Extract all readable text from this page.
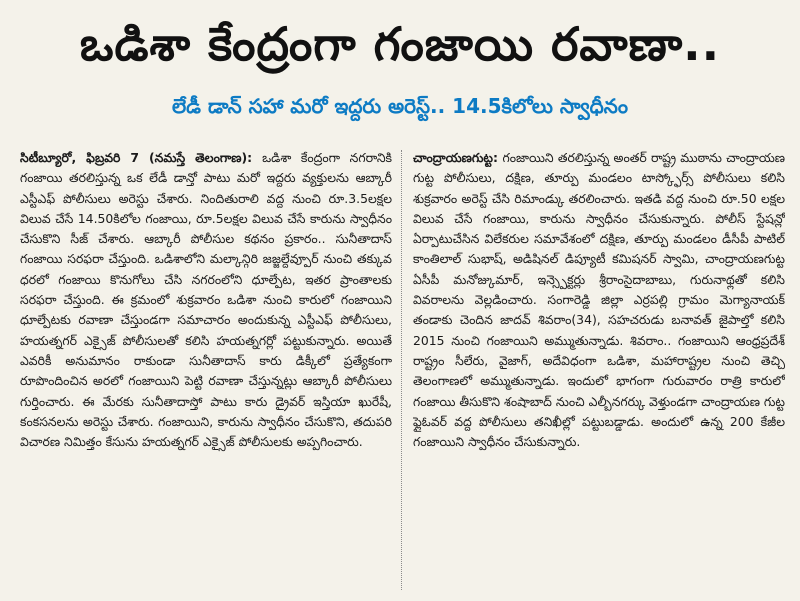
ఒడిశా కేంద్రంగా గంజాయి రవాణా..
లేడీ డాన్ సహా మరో ఇద్దరు అరెస్ట్.. 14.5కిలోలు స్వాధీనం

సిటీబ్యూరో, ఫిబ్రవరి 7 (నమస్తే తెలంగాణ): ఒడిశా కేంద్రంగా నగరానికి గంజాయి తరలిస్తున్న ఒక లేడీ డాన్తో పాటు మరో ఇద్దరు వ్యక్తులను ఆబ్కారీ ఎస్టీఎఫ్ పోలీసులు అరెస్టు చేశారు. నిందితురాలి వద్ద నుంచి రూ.3.5లక్షల విలువ చేసే 14.50కిలోల గంజాయి, రూ.5లక్షల విలువ చేసే కారును స్వాధీనం చేసుకొని సీజ్ చేశారు. ఆబ్కారీ పోలీసుల కథనం ప్రకారం.. సునీతాదాస్ గంజాయి సరఫరా చేస్తుంది. ఒడిశాలోని మల్కాన్గిరి జజ్జల్దేవ్పూర్ నుంచి తక్కువ ధరలో గంజాయి కొనుగోలు చేసి నగరంలోని ధూల్పేట, ఇతర ప్రాంతాలకు సరఫరా చేస్తుంది. ఈ క్రమంలో శుక్రవారం ఒడిశా నుంచి కారులో గంజాయిని ధూల్పేటకు రవాణా చేస్తుండగా సమాచారం అందుకున్న ఎస్టీఎఫ్ పోలీసులు, హయత్నగర్ ఎక్సైజ్ పోలీసులతో కలిసి హయత్నగర్లో పట్టుకున్నారు. అయితే ఎవరికీ అనుమానం రాకుండా సునీతాదాస్ కారు డిక్కీలో ప్రత్యేకంగా రూపొందించిన అరలో గంజాయిని పెట్టి రవాణా చేస్తున్నట్లు ఆబ్కారీ పోలీసులు గుర్తించారు. ఈ మేరకు సునీతాదాస్తో పాటు కారు డ్రైవర్ ఇస్తియా ఖురేషీ, కంకసనలను అరెస్టు చేశారు. గంజాయిని, కారును స్వాధీనం చేసుకొని, తదుపరి విచారణ నిమిత్తం కేసును హయత్నగర్ ఎక్సైజ్ పోలీసులకు అప్పగించారు.

చాంద్రాయణగుట్ట: గంజాయిని తరలిస్తున్న అంతర్ రాష్ట్ర ముఠాను చాంద్రాయణ గుట్ట పోలీసులు, దక్షిణ, తూర్పు మండలం టాస్క్ఫోర్స్ పోలీసులు కలిసి శుక్రవారం అరెస్ట్ చేసి రిమాండ్కు తరలించారు. ఇతడి వద్ద నుంచి రూ.50 లక్షల విలువ చేసే గంజాయి, కారును స్వాధీనం చేసుకున్నారు. పోలీస్ స్టేషన్లో ఏర్పాటుచేసిన విలేకరుల సమావేశంలో దక్షిణ, తూర్పు మండలం డీసీపీ పాటిల్ కాంతిలాల్ సుభాష్, అడిషినల్ డిప్యూటీ కమిషనర్ స్వామి, చాంద్రాయణగుట్ట ఏసీపీ మనోజ్కుమార్, ఇన్స్పెక్టర్లు శ్రీరాంసైదాబాబు, గురునాథ్లతో కలిసి వివరాలను వెల్లడించారు. సంగారెడ్డి జిల్లా ఎర్రపల్లి గ్రామం మెగ్యానాయక్ తండాకు చెందిన జాదవ్ శివరాం(34), సహచరుడు బనావత్ జైపాల్తో కలిసి 2015 నుంచి గంజాయిని అమ్ముతున్నాడు. శివరాం.. గంజాయిని ఆంధ్రప్రదేశ్ రాష్ట్రం సీలేరు, వైజాగ్, అదేవిధంగా ఒడిశా, మహారాష్ట్రల నుంచి తెచ్చి తెలంగాణలో అమ్ముతున్నాడు. ఇందులో భాగంగా గురువారం రాత్రి కారులో గంజాయి తీసుకొని శంషాబాద్ నుంచి ఎల్బీనగర్కు వెళ్తుండగా చాంద్రాయణ గుట్ట ఫ్లైఓవర్ వద్ద పోలీసులు తనిఖీల్లో పట్టుబడ్డాడు. అందులో ఉన్న 200 కేజీల గంజాయిని స్వాధీనం చేసుకున్నారు.
